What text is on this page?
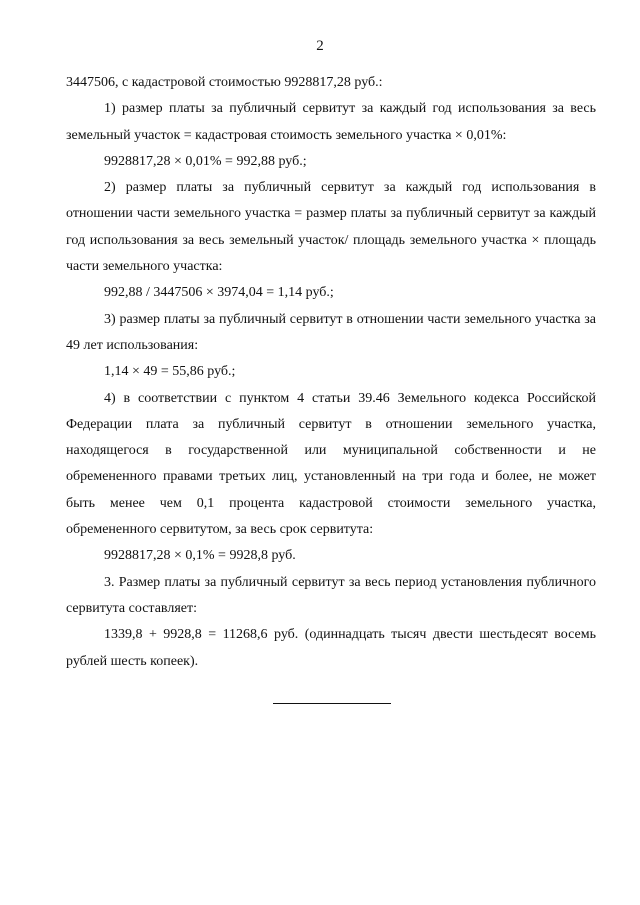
2

3447506, с кадастровой стоимостью 9928817,28 руб.:

1) размер платы за публичный сервитут за каждый год использования за весь земельный участок = кадастровая стоимость земельного участка × 0,01%:

9928817,28 × 0,01% = 992,88 руб.;

2) размер платы за публичный сервитут за каждый год использования в отношении части земельного участка = размер платы за публичный сервитут за каждый год использования за весь земельный участок/ площадь земельного участка × площадь части земельного участка:

992,88 / 3447506 × 3974,04 = 1,14 руб.;

3) размер платы за публичный сервитут в отношении части земельного участка за 49 лет использования:

1,14 × 49 = 55,86 руб.;

4) в соответствии с пунктом 4 статьи 39.46 Земельного кодекса Российской Федерации плата за публичный сервитут в отношении земельного участка, находящегося в государственной или муниципальной собственности и не обремененного правами третьих лиц, установленный на три года и более, не может быть менее чем 0,1 процента кадастровой стоимости земельного участка, обремененного сервитутом, за весь срок сервитута:

9928817,28 × 0,1% = 9928,8 руб.

3. Размер платы за публичный сервитут за весь период установления публичного сервитута составляет:

1339,8 + 9928,8 = 11268,6 руб. (одиннадцать тысяч двести шестьдесят восемь рублей шесть копеек).
